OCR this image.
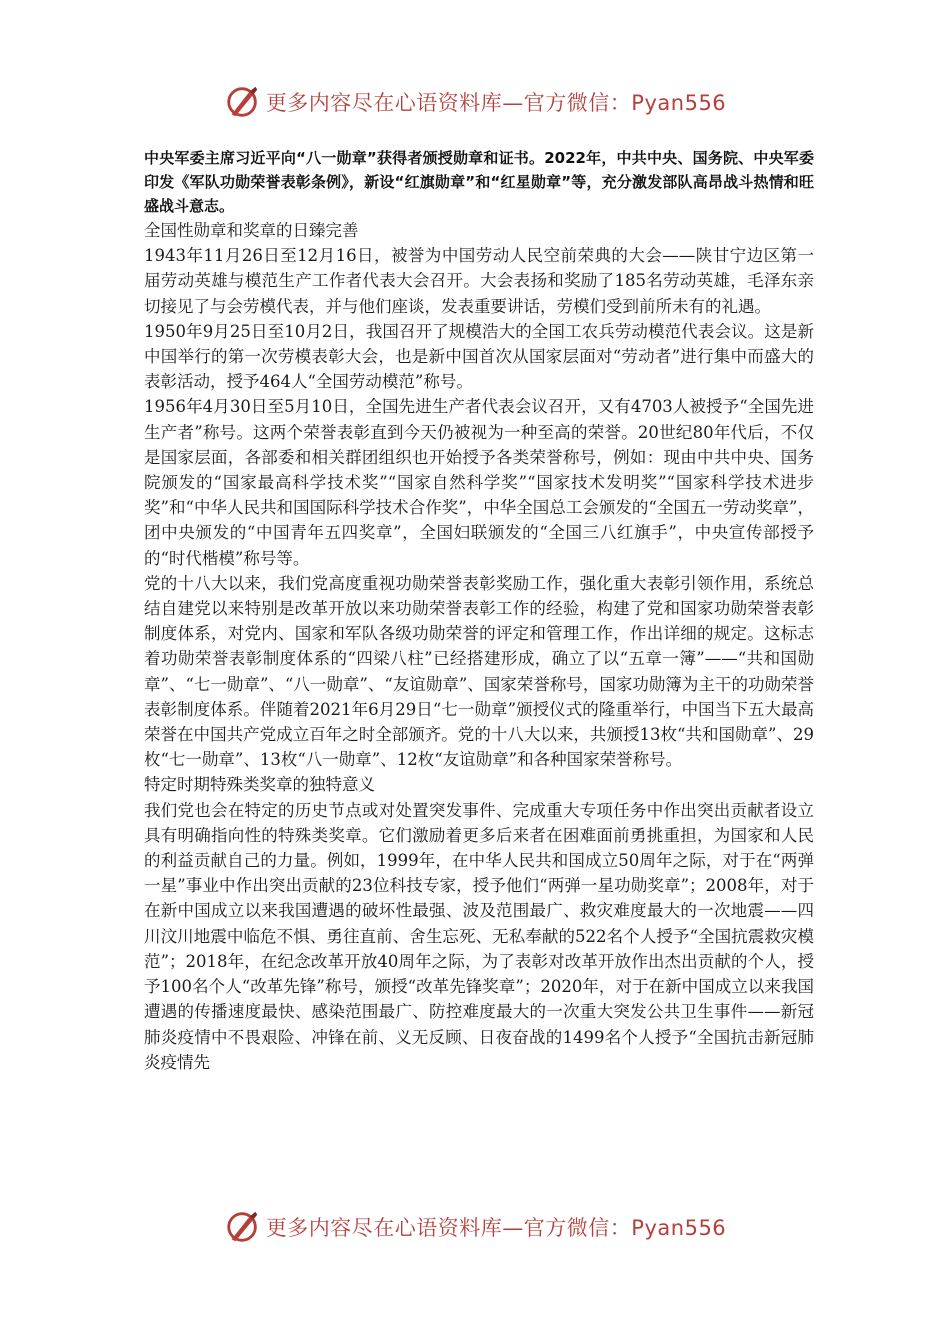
更多内容尽在心语资料库—官方微信：Pyan556
中央军委主席习近平向“八一勋章”获得者颁授勋章和证书。2022年，中共中央、国务院、中央军委印发《军队功勋荣誉表彰条例》，新设“红旗勋章”和“红星勋章”等，充分激发部队高昂战斗热情和旺盛战斗意志。

全国性勋章和奖章的日臻完善

1943年11月26日至12月16日，被誉为中国劳动人民空前荣典的大会——陕甘宁边区第一届劳动英雄与模范生产工作者代表大会召开。大会表扬和奖励了185名劳动英雄，毛泽东亲切接见了与会劳模代表，并与他们座谈，发表重要讲话，劳模们受到前所未有的礼遇。

1950年9月25日至10月2日，我国召开了规模浩大的全国工农兵劳动模范代表会议。这是新中国举行的第一次劳模表彰大会，也是新中国首次从国家层面对“劳动者”进行集中而盛大的表彰活动，授予464人“全国劳动模范”称号。

1956年4月30日至5月10日，全国先进生产者代表会议召开，又有4703人被授予“全国先进生产者”称号。这两个荣誉表彰直到今天仍被视为一种至高的荣誉。20世纪80年代后，不仅是国家层面，各部委和相关群团组织也开始授予各类荣誉称号，例如：现由中共中央、国务院颁发的“国家最高科学技术奖”“国家自然科学奖”“国家技术发明奖”“国家科学技术进步奖”和“中华人民共和国国际科学技术合作奖”，中华全国总工会颁发的“全国五一劳动奖章”，团中央颁发的“中国青年五四奖章”，全国妇联颁发的“全国三八红旗手”，中央宣传部授予的“时代楷模”称号等。

党的十八大以来，我们党高度重视功勋荣誉表彰奖励工作，强化重大表彰引领作用，系统总结自建党以来特别是改革开放以来功勋荣誉表彰工作的经验，构建了党和国家功勋荣誉表彰制度体系，对党内、国家和军队各级功勋荣誉的评定和管理工作，作出详细的规定。这标志着功勋荣誉表彰制度体系的“四梁八柱”已经搭建形成，确立了以“五章一簿”——“共和国勋章”、“七一勋章”、“八一勋章”、“友谊勋章”、国家荣誉称号，国家功勋簿为主干的功勋荣誉表彰制度体系。伴随着2021年6月29日“七一勋章”颁授仪式的隆重举行，中国当下五大最高荣誉在中国共产党成立百年之时全部颁齐。党的十八大以来，共颁授13枚“共和国勋章”、29枚“七一勋章”、13枚“八一勋章”、12枚“友谊勋章”和各种国家荣誉称号。

特定时期特殊类奖章的独特意义

我们党也会在特定的历史节点或对处置突发事件、完成重大专项任务中作出突出贡献者设立具有明确指向性的特殊类奖章。它们激励着更多后来者在困难面前勇挑重担，为国家和人民的利益贡献自己的力量。例如，1999年，在中华人民共和国成立50周年之际，对于在“两弹一星”事业中作出突出贡献的23位科技专家，授予他们“两弹一星功勋奖章”；2008年，对于在新中国成立以来我国遭遇的破坏性最强、波及范围最广、救灾难度最大的一次地震——四川汶川地震中临危不惧、勇往直前、舍生忘死、无私奉献的522名个人授予“全国抗震救灾模范”；2018年，在纪念改革开放40周年之际，为了表彰对改革开放作出杰出贡献的个人，授予100名个人“改革先锋”称号，颁授“改革先锋奖章”；2020年，对于在新中国成立以来我国遭遇的传播速度最快、感染范围最广、防控难度最大的一次重大突发公共卫生事件——新冠肺炎疫情中不畏艰险、冲锋在前、义无反顾、日夜奋战的1499名个人授予“全国抗击新冠肺炎疫情先

更多内容尽在心语资料库—官方微信：Pyan556
